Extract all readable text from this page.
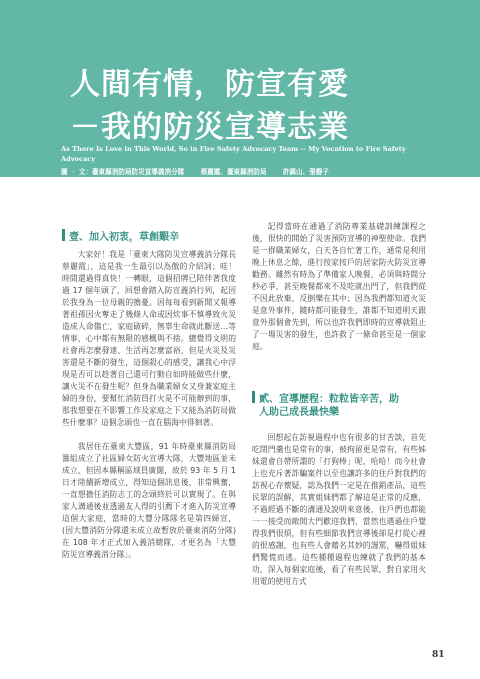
人間有情，防宣有愛
－我的防災宣導志業
As There Is Love in This World, So in Fire Safety Advocacy Team -- My Vocation to Fire Safety Advocacy
圖 ‧ 文：臺東縣消防局防災宣導義消分隊 蔡麗霞、臺東縣消防局 許鎮山、張磐子
壹、加入初衷，草創艱辛

大家好！我是「臺東大隊防災宣導義消分隊長蔡麗霞」，這是我一生最引以為傲的介紹詞；哇！時間還過得真快！一轉眼，這個招牌已陪伴著我度過 17 個年頭了，回想會踏入防宣義消行列，起因於我身為一位母親的擔憂。因每每看到新聞又報導著祖孫因火奪走了幾條人命或因炊事不慎導致火災造成人命傷亡，家庭破碎，無辜生命就此斷送…等情事，心中都有無限的感概與不捨。總覺得文明的社會再怎麼發達、生活再怎麼富裕，但是火災及災害還是不斷的發生，這個殺心的感受，讓我心中浮現是否可以趁著自己還可行動自如時能做些什麼，讓火災不在發生呢？但身為職業婦女又身兼家庭主婦的身份，要幫忙消防員打火是不可能辦到的事，那我想要在不影響工作及家庭之下又能為消防局做些什麼事？這個念頭也一直在腦海中徘徊著。

我居住在臺東大豐區，91 年時臺東縣消防局籌組成立了社區婦女防火宣導大隊，大豐地區並未成立，但因本縣稱區域員廣闊，故於 93 年 5 月 1 日才陸續新增成立，得知這個訊息後，非常興奮，一直想擔任消防志工的念頭終於可以實現了。在與家人溝通後並透過友人得的引薦下才進入防災宣導這個大家庭，當時的大豐分隊隊名是第四婦宣，(因大豐消防分隊還未成立故暫放於臺東消防分隊)在 108 年才正式加入義消總隊，才更名為「大豐防災宣導義消分隊」。

記得當時在通過了消防專業基礎訓練課程之後，很快的開始了災害預防宣導的神聖使命。我們是一群職業婦女，白天各自忙著工作，通常是利用晚上休息之餘，進行按家按戶的居家防火防災宣導勸務。雖然有時為了準備家人晚餐，必須與時間分秒必爭，甚至晚餐都來不及吃就出門了，但我們從不因此放棄，反倒樂在其中；因為我們都知道火災是意外事件，隨時都可能發生，誰都不知道明天跟意外那個會先到，所以也許我們即時的宣導就阻止了一場災害的發生，也許救了一條命甚至是一個家庭。

貳、宣導歷程：粒粒皆辛苦，助
人助己成長最快樂

回想起在訪視過程中也有很多的甘苦談，首先吃閉門羹也是常有的事，被拘留更是常有，有些姊妹還會自帶所謂的「打狗棒」呢，哈哈！而今社會上也充斥著詐騙案件以至也讓許多的住戶對我們的訪視心存懷疑，認為我們一定是在推銷產品，這些民眾的誤解，其實姐妹們都了解這是正常的反應，不過經過不斷的溝通及說明來意後，住戶們也都能一一接受而敞開大門歡迎我們，當然也遇過住戶覺得我們很煩，但有些細節我們宣導後卻是打從心裡的很感謝，也有些人會藉名其妙的謾罵，嚇得姐妹們驚慌而逃。這些種種過程也練就了我們的基本功，深入每個家庭後，看了有些民眾，對自家用火用電的使用方式

81
